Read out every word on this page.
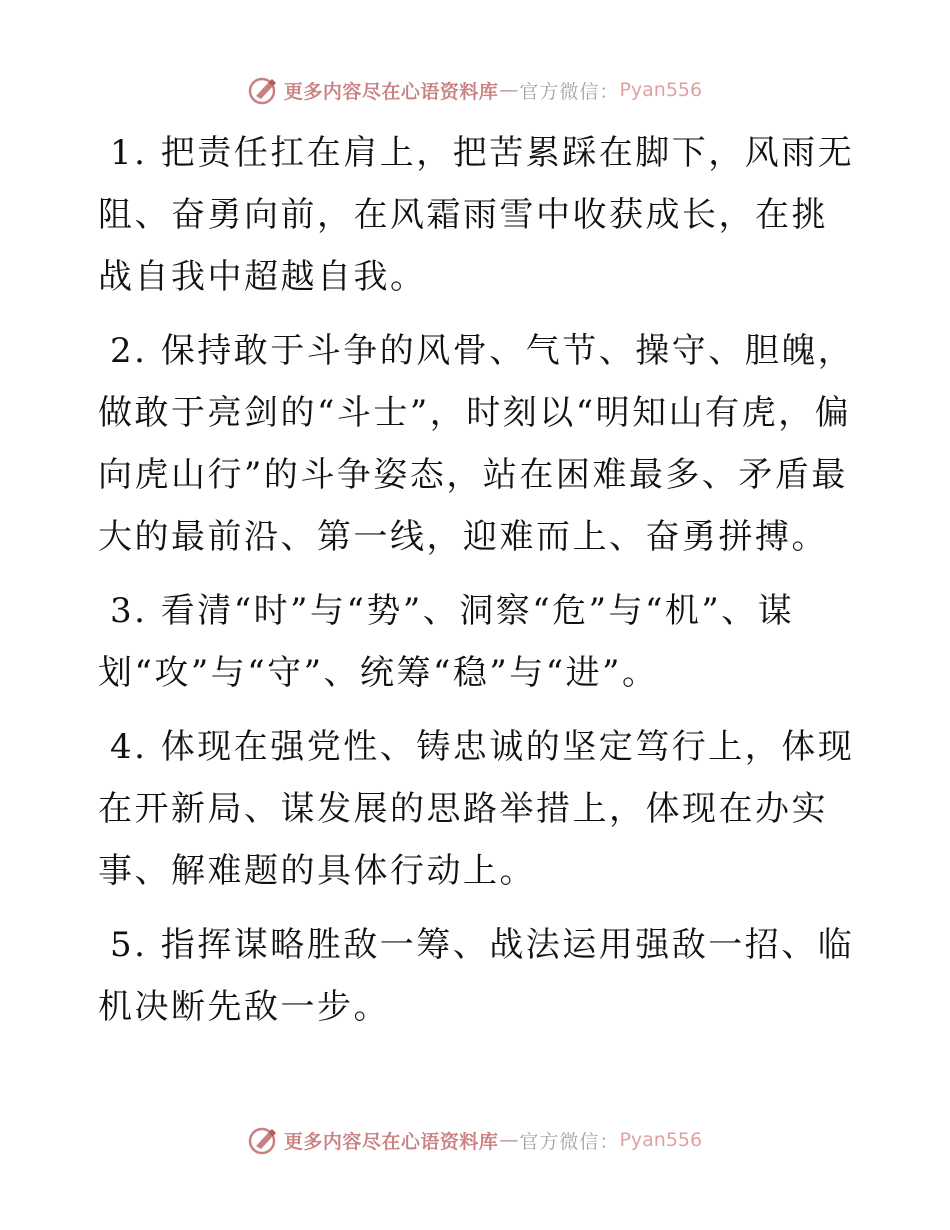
更多内容尽在心语资料库 — 官方微信： Pyan556

1. 把责任扛在肩上，把苦累踩在脚下，风雨无阻、奋勇向前，在风霜雨雪中收获成长，在挑战自我中超越自我。

2. 保持敢于斗争的风骨、气节、操守、胆魄，做敢于亮剑的“斗士”，时刻以“明知山有虎，偏向虎山行”的斗争姿态，站在困难最多、矛盾最大的最前沿、第一线，迎难而上、奋勇拼搏。

3. 看清“时”与“势”、洞察“危”与“机”、谋划“攻”与“守”、统筹“稳”与“进”。

4. 体现在强党性、铸忠诚的坚定笃行上，体现在开新局、谋发展的思路举措上，体现在办实事、解难题的具体行动上。

5. 指挥谋略胜敌一筹、战法运用强敌一招、临机决断先敌一步。

更多内容尽在心语资料库 — 官方微信： Pyan556
